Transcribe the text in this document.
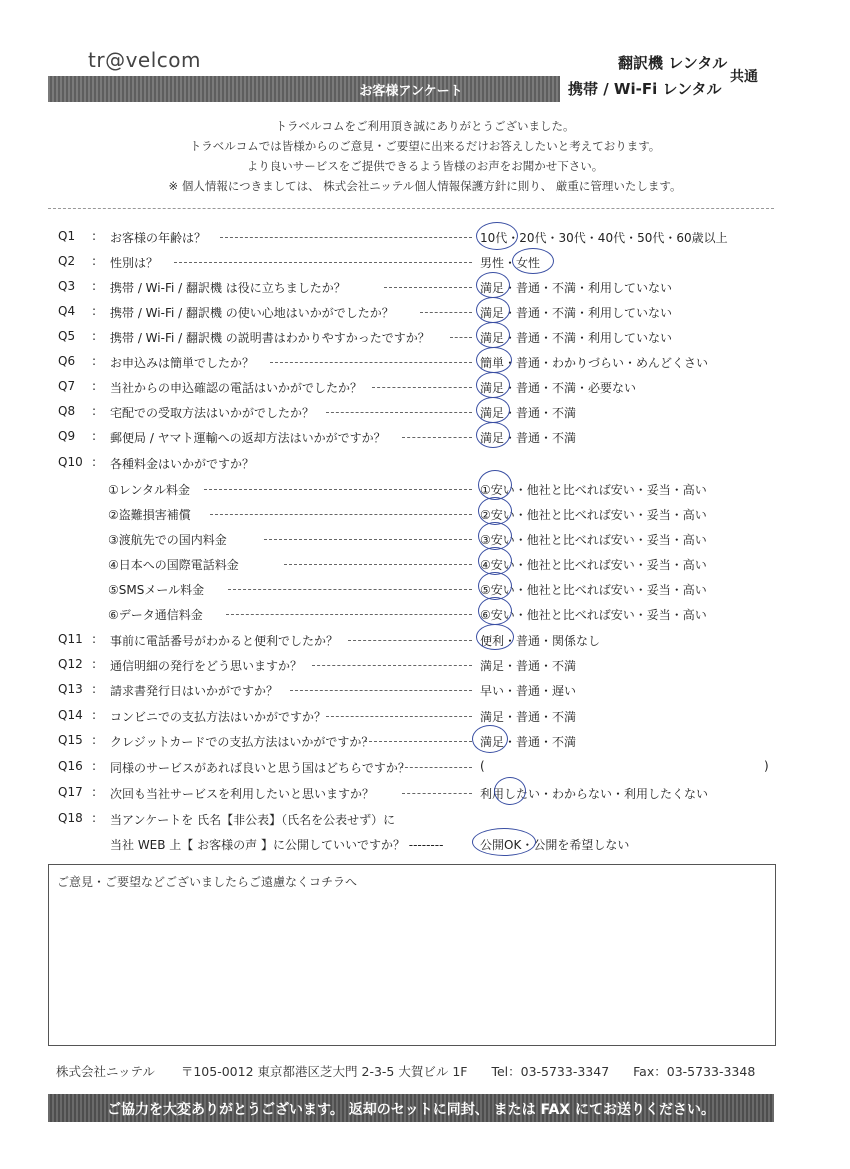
tr@velcom
お客様アンケート
翻訳機 レンタル
携帯 / Wi-Fi レンタル
共通
トラベルコムをご利用頂き誠にありがとうございました。
トラベルコムでは皆様からのご意見・ご要望に出来るだけお答えしたいと考えております。
より良いサービスをご提供できるよう皆様のお声をお聞かせ下さい。
※ 個人情報につきましては、 株式会社ニッテル個人情報保護方針に則り、 厳重に管理いたします。
Q1	: お客様の年齢は？	10代・20代・30代・40代・50代・60歳以上
Q2	: 性別は？	男性・女性
Q3	: 携帯 / Wi-Fi / 翻訳機 は役に立ちましたか？	満足・普通・不満・利用していない
Q4	: 携帯 / Wi-Fi / 翻訳機 の使い心地はいかがでしたか？	満足・普通・不満・利用していない
Q5	: 携帯 / Wi-Fi / 翻訳機 の説明書はわかりやすかったですか？	満足・普通・不満・利用していない
Q6	: お申込みは簡単でしたか？	簡単・普通・わかりづらい・めんどくさい
Q7	: 当社からの申込確認の電話はいかがでしたか？	満足・普通・不満・必要ない
Q8	: 宅配での受取方法はいかがでしたか？	満足・普通・不満
Q9	: 郵便局 / ヤマト運輸への返却方法はいかがですか？	満足・普通・不満
Q10 : 各種料金はいかがですか？
①レンタル料金	①安い・他社と比べれば安い・妥当・高い
②盗難損害補償	②安い・他社と比べれば安い・妥当・高い
③渡航先での国内料金	③安い・他社と比べれば安い・妥当・高い
④日本への国際電話料金	④安い・他社と比べれば安い・妥当・高い
⑤SMSメール料金	⑤安い・他社と比べれば安い・妥当・高い
⑥データ通信料金	⑥安い・他社と比べれば安い・妥当・高い
Q11 : 事前に電話番号がわかると便利でしたか？	便利・普通・関係なし
Q12 : 通信明細の発行をどう思いますか？	満足・普通・不満
Q13 : 請求書発行日はいかがですか？	早い・普通・遅い
Q14 : コンビニでの支払方法はいかがですか？	満足・普通・不満
Q15 : クレジットカードでの支払方法はいかがですか？	満足・普通・不満
Q16 : 同様のサービスがあれば良いと思う国はどちらですか？	(	)
Q17 : 次回も当社サービスを利用したいと思いますか？	利用したい・わからない・利用したくない
Q18 : 当アンケートを 氏名【非公表】（氏名を公表せず）に
当社 WEB 上【 お客様の声 】に公開していいですか？ --------	公開OK・公開を希望しない
ご意見・ご要望などございましたらご遠慮なくコチラへ
株式会社ニッテル 〒105-0012 東京都港区芝大門 2-3-5 大賀ビル 1F Tel：03-5733-3347 Fax：03-5733-3348
ご協力を大変ありがとうございます。 返却のセットに同封、 または FAX にてお送りください。
